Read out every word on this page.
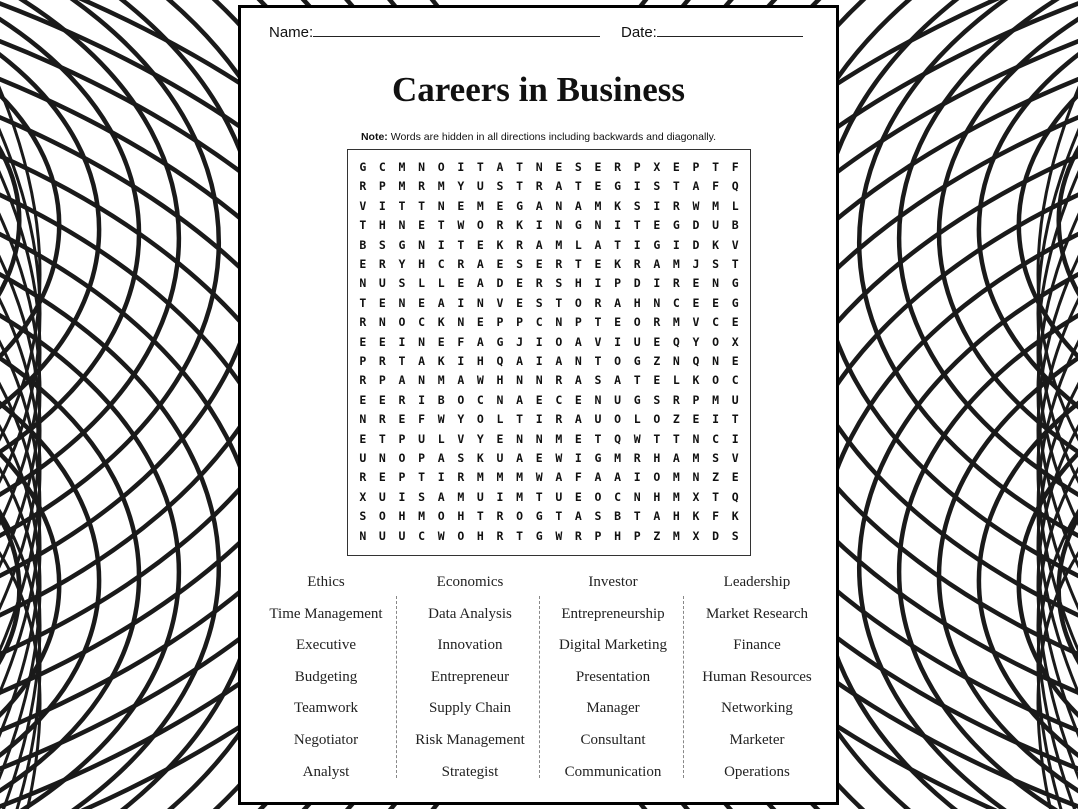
Name:	Date:
Careers in Business
Note: Words are hidden in all directions including backwards and diagonally.
G	C	M	N	O	I	T	A	T	N	E	S	E	R	P	X	E	P	T	F
R	P	M	R	M	Y	U	S	T	R	A	T	E	G	I	S	T	A	F	Q
V	I	T	T	N	E	M	E	G	A	N	A	M	K	S	I	R	W	M	L
T	H	N	E	T	W	O	R	K	I	N	G	N	I	T	E	G	D	U	B
B	S	G	N	I	T	E	K	R	A	M	L	A	T	I	G	I	D	K	V
E	R	Y	H	C	R	A	E	S	E	R	T	E	K	R	A	M	J	S	T
N	U	S	L	L	E	A	D	E	R	S	H	I	P	D	I	R	E	N	G
T	E	N	E	A	I	N	V	E	S	T	O	R	A	H	N	C	E	E	G
R	N	O	C	K	N	E	P	P	C	N	P	T	E	O	R	M	V	C	E
E	E	I	N	E	F	A	G	J	I	O	A	V	I	U	E	Q	Y	O	X
P	R	T	A	K	I	H	Q	A	I	A	N	T	O	G	Z	N	Q	N	E
R	P	A	N	M	A	W	H	N	N	R	A	S	A	T	E	L	K	O	C
E	E	R	I	B	O	C	N	A	E	C	E	N	U	G	S	R	P	M	U
N	R	E	F	W	Y	O	L	T	I	R	A	U	O	L	O	Z	E	I	T
E	T	P	U	L	V	Y	E	N	N	M	E	T	Q	W	T	T	N	C	I
U	N	O	P	A	S	K	U	A	E	W	I	G	M	R	H	A	M	S	V
R	E	P	T	I	R	M	M	M	W	A	F	A	A	I	O	M	N	Z	E
X	U	I	S	A	M	U	I	M	T	U	E	O	C	N	H	M	X	T	Q
S	O	H	M	O	H	T	R	O	G	T	A	S	B	T	A	H	K	F	K
N	U	U	C	W	O	H	R	T	G	W	R	P	H	P	Z	M	X	D	S
Ethics
Time Management
Executive
Budgeting
Teamwork
Negotiator
Analyst
Economics
Data Analysis
Innovation
Entrepreneur
Supply Chain
Risk Management
Strategist
Investor
Entrepreneurship
Digital Marketing
Presentation
Manager
Consultant
Communication
Leadership
Market Research
Finance
Human Resources
Networking
Marketer
Operations
